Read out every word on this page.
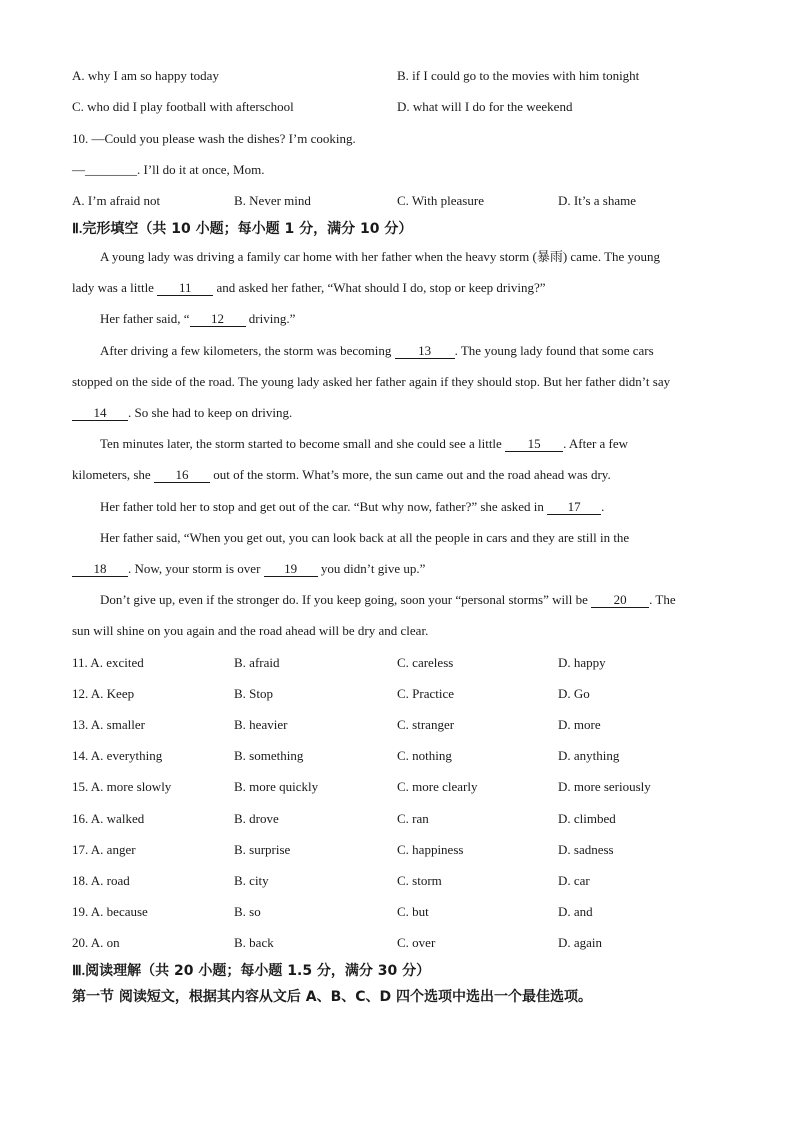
A. why I am so happy today	B. if I could go to the movies with him tonight
C. who did I play football with afterschool	D. what will I do for the weekend
10. —Could you please wash the dishes? I’m cooking.
—________. I’ll do it at once, Mom.
A. I’m afraid not	B. Never mind	C. With pleasure	D. It’s a shame
Ⅱ.完形填空（共 10 小题；每小题 1 分，满分 10 分）
A young lady was driving a family car home with her father when the heavy storm (暴雨) came. The young
lady was a little 11 and asked her father, “What should I do, stop or keep driving?”
Her father said, “ 12 driving.”
After driving a few kilometers, the storm was becoming 13 . The young lady found that some cars
stopped on the side of the road. The young lady asked her father again if they should stop. But her father didn’t say
14 . So she had to keep on driving.
Ten minutes later, the storm started to become small and she could see a little 15 . After a few
kilometers, she 16 out of the storm. What’s more, the sun came out and the road ahead was dry.
Her father told her to stop and get out of the car. “But why now, father?” she asked in 17 .
Her father said, “When you get out, you can look back at all the people in cars and they are still in the
18 . Now, your storm is over 19 you didn’t give up.”
Don’t give up, even if the stronger do. If you keep going, soon your “personal storms” will be 20 . The
sun will shine on you again and the road ahead will be dry and clear.
11. A. excited	B. afraid	C. careless	D. happy
12. A. Keep	B. Stop	C. Practice	D. Go
13. A. smaller	B. heavier	C. stranger	D. more
14. A. everything	B. something	C. nothing	D. anything
15. A. more slowly	B. more quickly	C. more clearly	D. more seriously
16. A. walked	B. drove	C. ran	D. climbed
17. A. anger	B. surprise	C. happiness	D. sadness
18. A. road	B. city	C. storm	D. car
19. A. because	B. so	C. but	D. and
20. A. on	B. back	C. over	D. again
Ⅲ.阅读理解（共 20 小题；每小题 1.5 分，满分 30 分）
第一节 阅读短文，根据其内容从文后 A、B、C、D 四个选项中选出一个最佳选项。
